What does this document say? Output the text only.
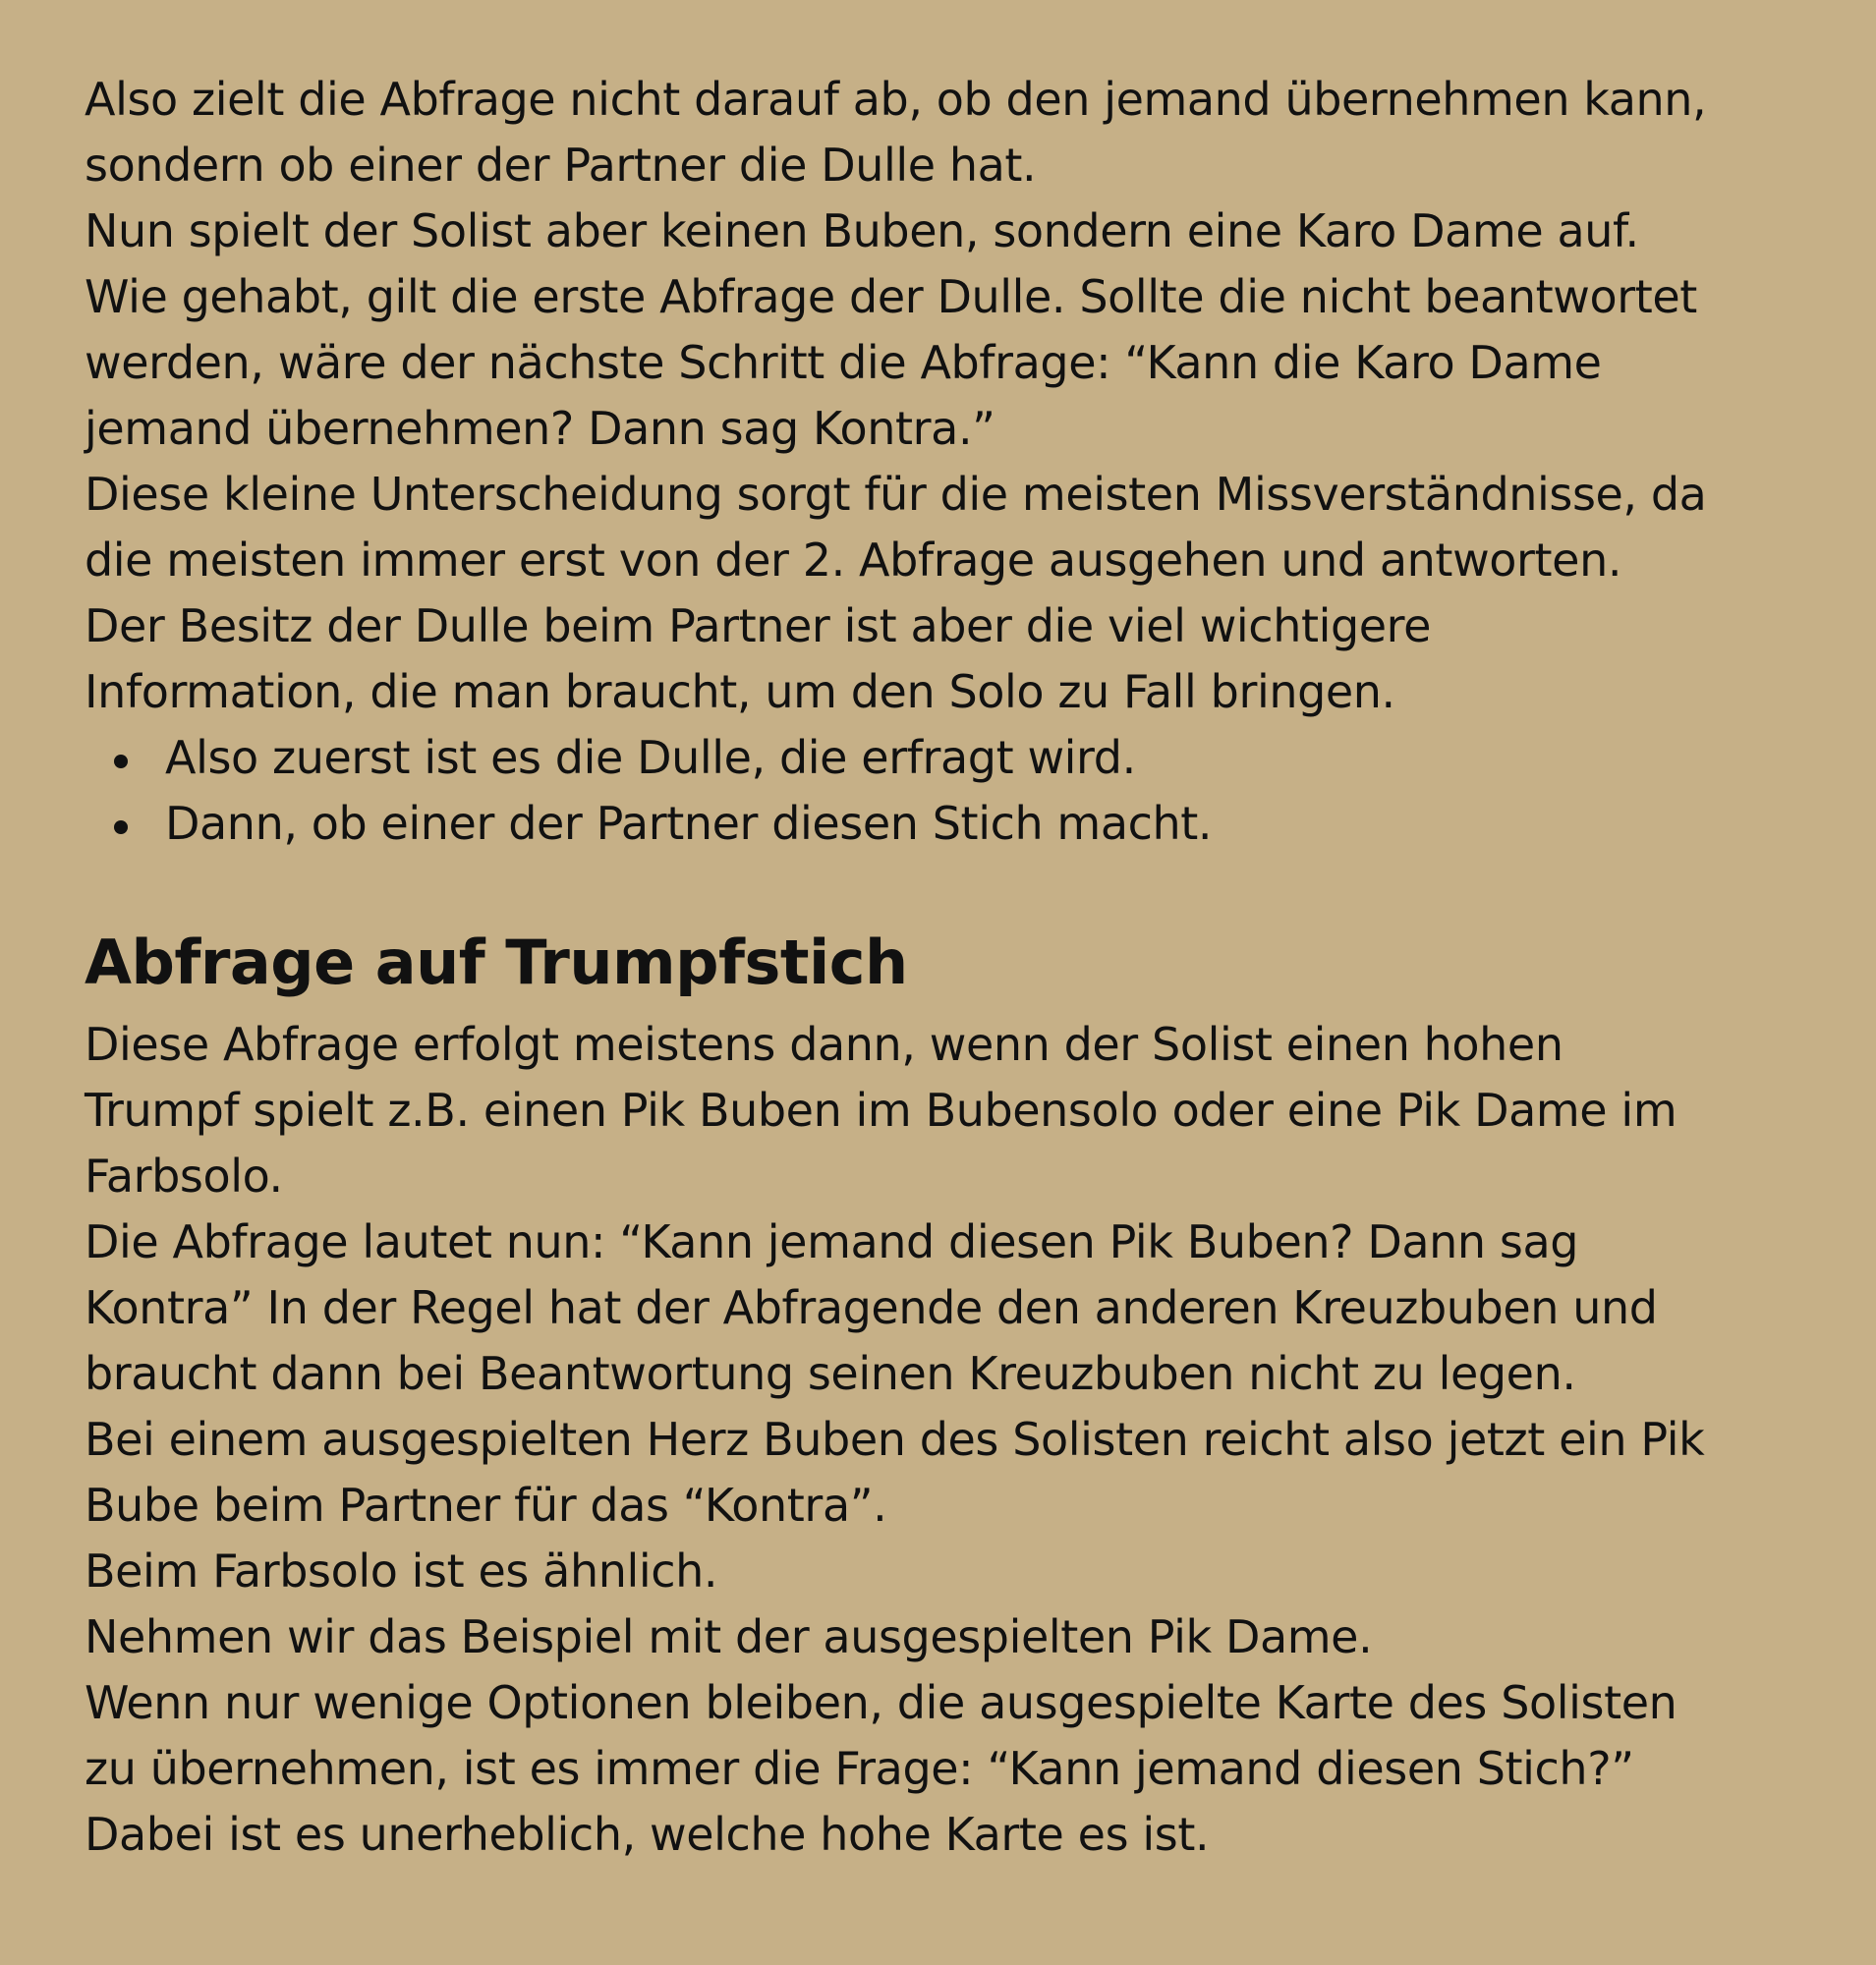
Also zielt die Abfrage nicht darauf ab, ob den jemand übernehmen kann,

sondern ob einer der Partner die Dulle hat.

Nun spielt der Solist aber keinen Buben, sondern eine Karo Dame auf.

Wie gehabt, gilt die erste Abfrage der Dulle. Sollte die nicht beantwortet

werden, wäre der nächste Schritt die Abfrage: “Kann die Karo Dame

jemand übernehmen? Dann sag Kontra.”

Diese kleine Unterscheidung sorgt für die meisten Missverständnisse, da

die meisten immer erst von der 2. Abfrage ausgehen und antworten.

Der Besitz der Dulle beim Partner ist aber die viel wichtigere

Information, die man braucht, um den Solo zu Fall bringen.

Also zuerst ist es die Dulle, die erfragt wird.
Dann, ob einer der Partner diesen Stich macht.
Abfrage auf Trumpfstich

Diese Abfrage erfolgt meistens dann, wenn der Solist einen hohen

Trumpf spielt z.B. einen Pik Buben im Bubensolo oder eine Pik Dame im

Farbsolo.

Die Abfrage lautet nun: “Kann jemand diesen Pik Buben? Dann sag

Kontra” In der Regel hat der Abfragende den anderen Kreuzbuben und

braucht dann bei Beantwortung seinen Kreuzbuben nicht zu legen.

Bei einem ausgespielten Herz Buben des Solisten reicht also jetzt ein Pik

Bube beim Partner für das “Kontra”.

Beim Farbsolo ist es ähnlich.

Nehmen wir das Beispiel mit der ausgespielten Pik Dame.

Wenn nur wenige Optionen bleiben, die ausgespielte Karte des Solisten

zu übernehmen, ist es immer die Frage: “Kann jemand diesen Stich?”

Dabei ist es unerheblich, welche hohe Karte es ist.
